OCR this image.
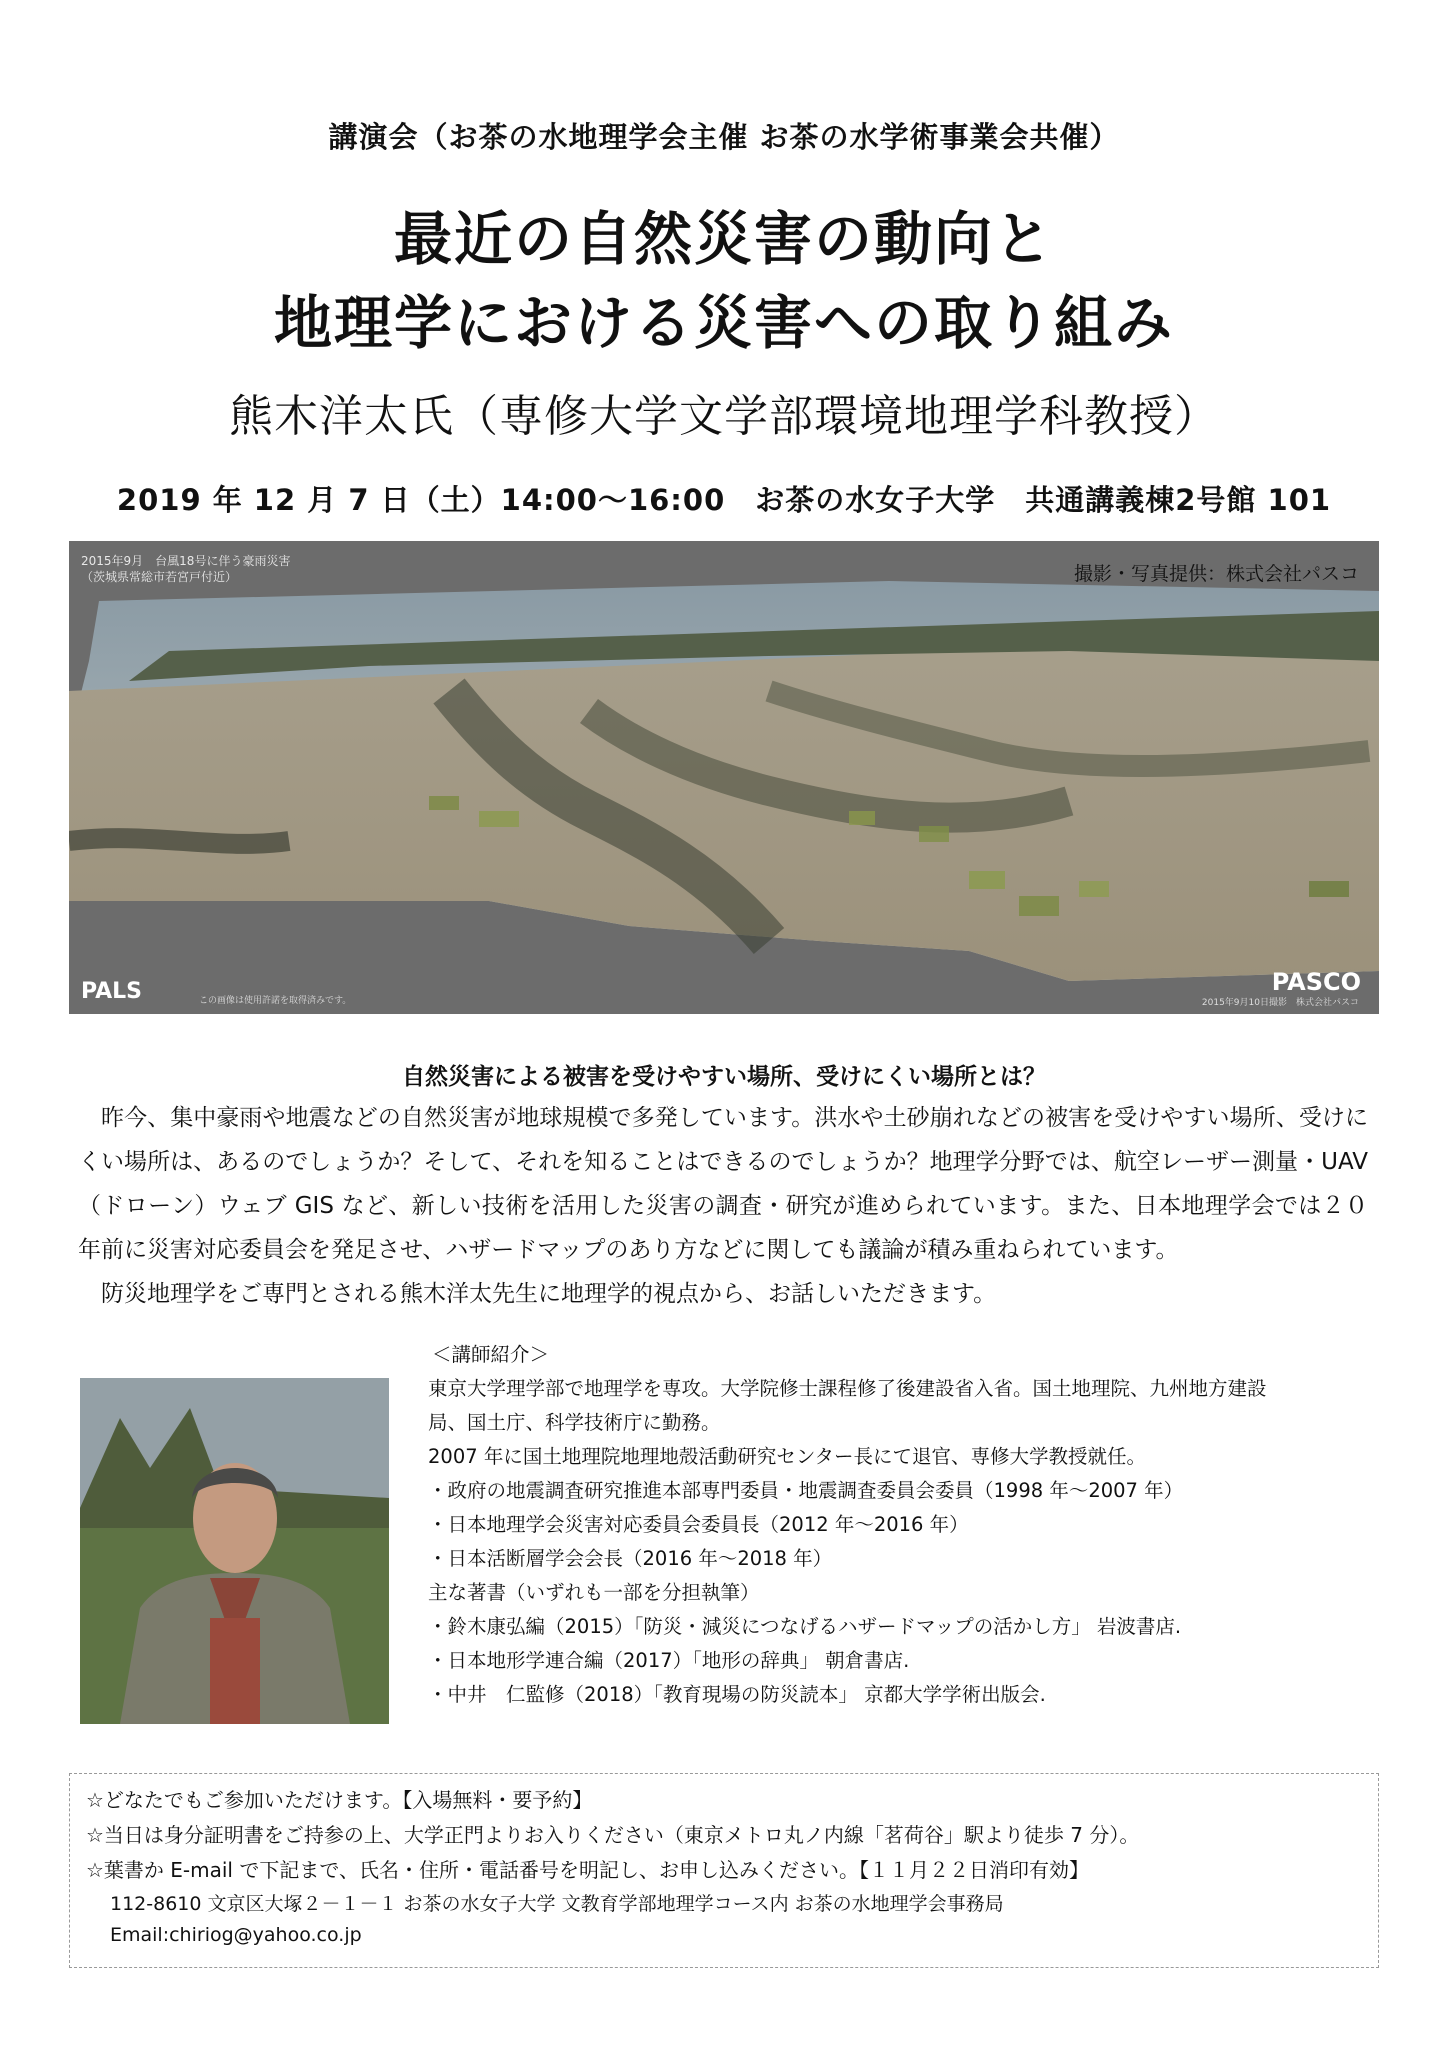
講演会（お茶の水地理学会主催 お茶の水学術事業会共催）
最近の自然災害の動向と
地理学における災害への取り組み
熊木洋太氏（専修大学文学部環境地理学科教授）
2019 年 12 月 7 日（土）14:00～16:00　お茶の水女子大学　共通講義棟2号館 101
2015年9月　台風18号に伴う豪雨災害
（茨城県常総市若宮戸付近）	撮影・写真提供：株式会社パスコ
PALS	この画像は使用許諾を取得済みです。
PASCO
2015年9月10日撮影　株式会社パスコ
自然災害による被害を受けやすい場所、受けにくい場所とは？

昨今、集中豪雨や地震などの自然災害が地球規模で多発しています。洪水や土砂崩れなどの被害を受けやすい場所、受けにくい場所は、あるのでしょうか？そして、それを知ることはできるのでしょうか？地理学分野では、航空レーザー測量・UAV（ドローン）ウェブ GIS など、新しい技術を活用した災害の調査・研究が進められています。また、日本地理学会では２０年前に災害対応委員会を発足させ、ハザードマップのあり方などに関しても議論が積み重ねられています。

防災地理学をご専門とされる熊木洋太先生に地理学的視点から、お話しいただきます。

＜講師紹介＞
東京大学理学部で地理学を専攻。大学院修士課程修了後建設省入省。国土地理院、九州地方建設
局、国土庁、科学技術庁に勤務。
2007 年に国土地理院地理地殻活動研究センター長にて退官、専修大学教授就任。
・政府の地震調査研究推進本部専門委員・地震調査委員会委員（1998 年～2007 年）
・日本地理学会災害対応委員会委員長（2012 年～2016 年）
・日本活断層学会会長（2016 年～2018 年）
主な著書（いずれも一部を分担執筆）
・鈴木康弘編（2015）「防災・減災につなげるハザードマップの活かし方」 岩波書店.
・日本地形学連合編（2017）「地形の辞典」 朝倉書店.
・中井　仁監修（2018）「教育現場の防災読本」 京都大学学術出版会.
☆どなたでもご参加いただけます。【入場無料・要予約】
☆当日は身分証明書をご持参の上、大学正門よりお入りください（東京メトロ丸ノ内線「茗荷谷」駅より徒歩 7 分）。
☆葉書か E-mail で下記まで、氏名・住所・電話番号を明記し、お申し込みください。【１１月２２日消印有効】
112-8610 文京区大塚２－１－１ お茶の水女子大学 文教育学部地理学コース内 お茶の水地理学会事務局
Email:chiriog@yahoo.co.jp
